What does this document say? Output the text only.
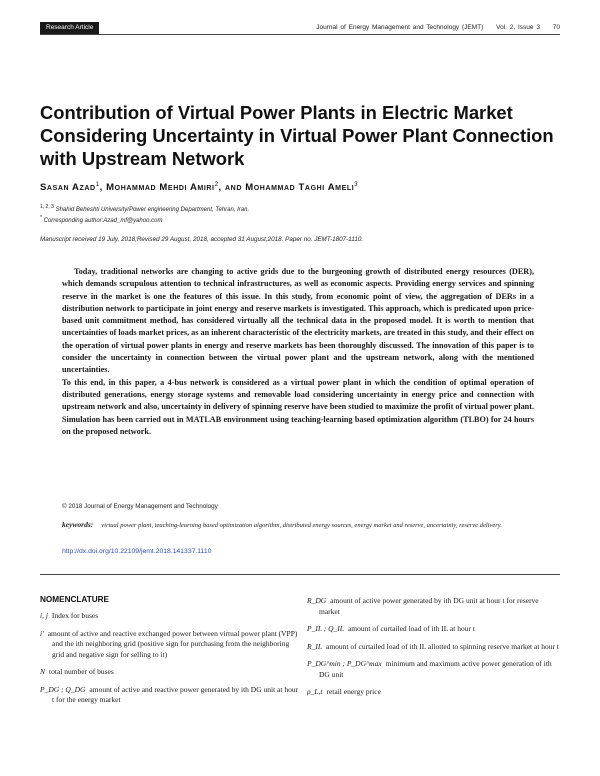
Research Article	Journal of Energy Management and Technology (JEMT) Vol. 2, Issue 3 70
Contribution of Virtual Power Plants in Electric Market Considering Uncertainty in Virtual Power Plant Connection with Upstream Network
Sasan Azad$^1$, Mohammad Mehdi Amiri$^2$, and Mohammad Taghi Ameli$^3$
$^{1, 2, 3}$ Shahid Beheshti University/Power engineering Department, Tehran, Iran.
* Corresponding author:Azad_mf@yahoo.com
Manuscript received 19 July, 2018;Revised 29 August, 2018, accepted 31 August,2018. Paper no. JEMT-1807-1110.

Today, traditional networks are changing to active grids due to the burgeoning growth of distributed energy resources (DER), which demands scrupulous attention to technical infrastructures, as well as economic aspects. Providing energy services and spinning reserve in the market is one the features of this issue. In this study, from economic point of view, the aggregation of DERs in a distribution network to participate in joint energy and reserve markets is investigated. This approach, which is predicated upon price-based unit commitment method, has considered virtually all the technical data in the proposed model. It is worth to mention that uncertainties of loads market prices, as an inherent characteristic of the electricity markets, are treated in this study, and their effect on the operation of virtual power plants in energy and reserve markets has been thoroughly discussed. The innovation of this paper is to consider the uncertainty in connection between the virtual power plant and the upstream network, along with the mentioned uncertainties.

To this end, in this paper, a 4-bus network is considered as a virtual power plant in which the condition of optimal operation of distributed generations, energy storage systems and removable load considering uncertainty in energy price and connection with upstream network and also, uncertainty in delivery of spinning reserve have been studied to maximize the profit of virtual power plant. Simulation has been carried out in MATLAB environment using teaching-learning based optimization algorithm (TLBO) for 24 hours on the proposed network.

© 2018 Journal of Energy Management and Technology
keywords: virtual power plant, teaching-learning based optimization algorithm, distributed energy sources, energy market and reserve, uncertainty, reserve delivery.
http://dx.doi.org/10.22109/jemt.2018.141337.1110
NOMENCLATURE
i, j Index for buses
i' amount of active and reactive exchanged power between virtual power plant (VPP) and the ith neighboring grid (positive sign for purchasing from the neighboring grid and negative sign for selling to it)
N total number of buses
P_DG ; Q_DG amount of active and reactive power generated by ith DG unit at hour t for the energy market
R_DG amount of active power generated by ith DG unit at hour t for reserve market
P_IL ; Q_IL amount of curtailed load of ith IL at hour t
R_IL amount of curtailed load of ith IL allotted to spinning reserve market at hour t
P_DG^min ; P_DG^max minimum and maximum active power generation of ith DG unit
ρ_L,t retail energy price
